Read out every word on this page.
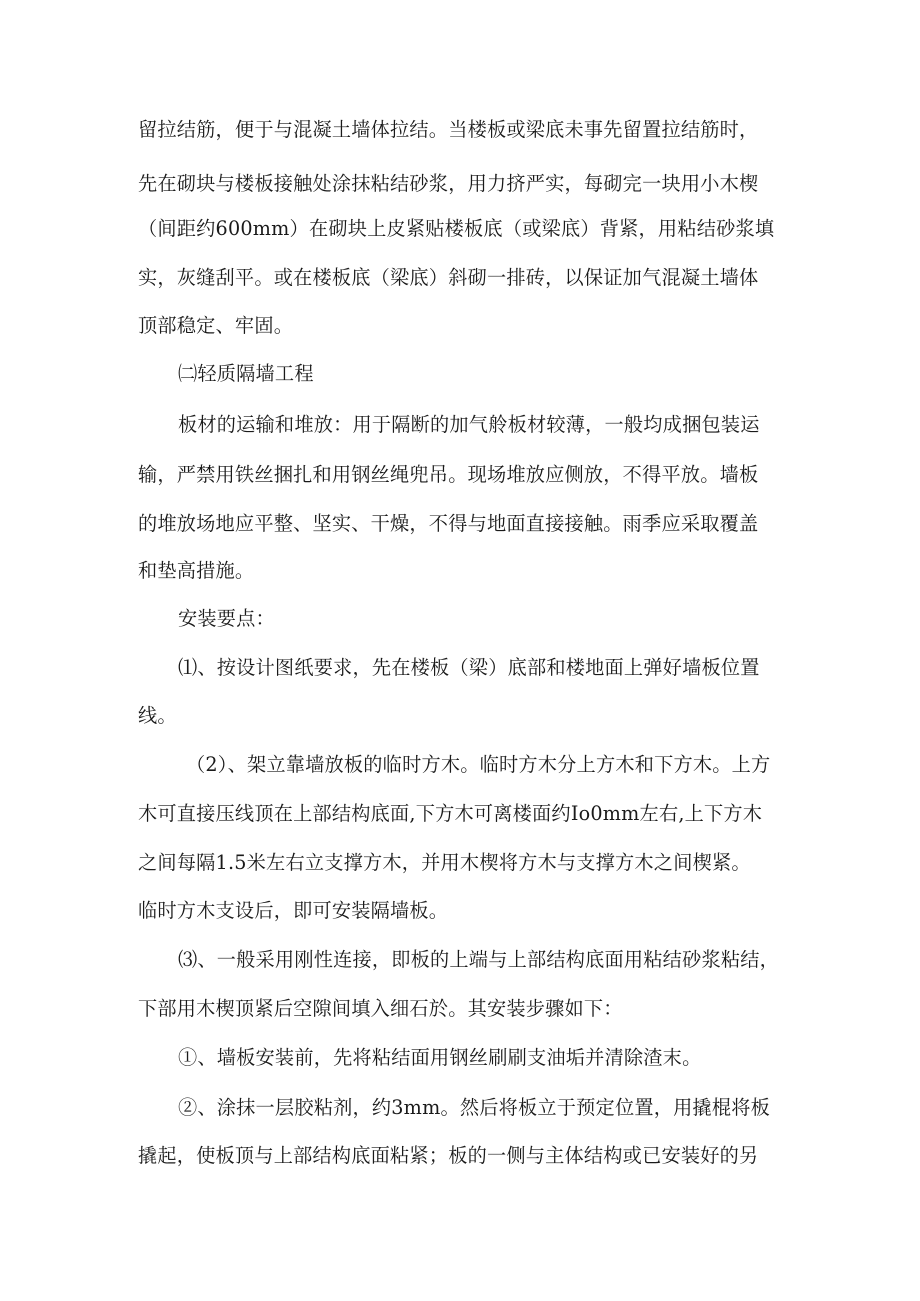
留拉结筋，便于与混凝土墙体拉结。当楼板或梁底未事先留置拉结筋时，
先在砌块与楼板接触处涂抹粘结砂浆，用力挤严实，每砌完一块用小木楔
（间距约600mm）在砌块上皮紧贴楼板底（或梁底）背紧，用粘结砂浆填
实，灰缝刮平。或在楼板底（梁底）斜砌一排砖，以保证加气混凝土墙体
顶部稳定、牢固。
㈡轻质隔墙工程
板材的运输和堆放：用于隔断的加气舲板材较薄，一般均成捆包装运
输，严禁用铁丝捆扎和用钢丝绳兜吊。现场堆放应侧放，不得平放。墙板
的堆放场地应平整、坚实、干燥，不得与地面直接接触。雨季应采取覆盖
和垫高措施。
安装要点：
⑴、按设计图纸要求，先在楼板（梁）底部和楼地面上弹好墙板位置
线。
（2）、架立靠墙放板的临时方木。临时方木分上方木和下方木。上方
木可直接压线顶在上部结构底面,下方木可离楼面约Io0mm左右,上下方木
之间每隔1.5米左右立支撑方木，并用木楔将方木与支撑方木之间楔紧。
临时方木支设后，即可安装隔墙板。
⑶、一般采用刚性连接，即板的上端与上部结构底面用粘结砂浆粘结，
下部用木楔顶紧后空隙间填入细石於。其安装步骤如下：
①、墙板安装前，先将粘结面用钢丝刷刷支油垢并清除渣末。
②、涂抹一层胶粘剂，约3mm。然后将板立于预定位置，用撬棍将板
撬起，使板顶与上部结构底面粘紧；板的一侧与主体结构或已安装好的另
